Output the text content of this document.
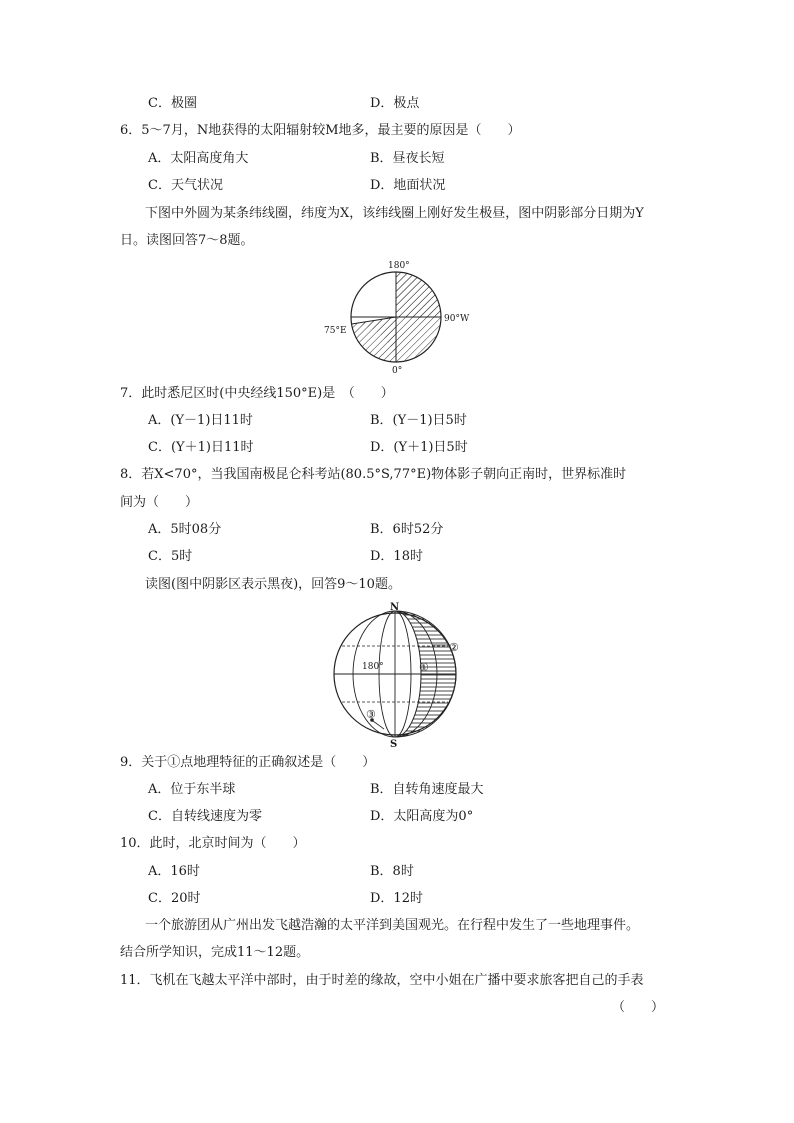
C．极圈	D．极点
6．5～7月，N地获得的太阳辐射较M地多，最主要的原因是（　　）
A．太阳高度角大	B．昼夜长短
C．天气状况	D．地面状况
下图中外圆为某条纬线圈，纬度为X，该纬线圈上刚好发生极昼，图中阴影部分日期为Y
日。读图回答7～8题。
180°
90°W
75°E
0°
7．此时悉尼区时(中央经线150°E)是　（　　）
A．(Y－1)日11时	B．(Y－1)日5时
C．(Y＋1)日11时	D．(Y＋1)日5时
8．若X<70°，当我国南极昆仑科考站(80.5°S,77°E)物体影子朝向正南时，世界标准时
间为（　　）
A．5时08分	B．6时52分
C．5时	D．18时
读图(图中阴影区表示黑夜)，回答9～10题。
N
S
180°	①
②
③
9．关于①点地理特征的正确叙述是（　　）
A．位于东半球	B．自转角速度最大
C．自转线速度为零	D．太阳高度为0°
10．此时，北京时间为（　　）
A．16时	B．8时
C．20时	D．12时
一个旅游团从广州出发飞越浩瀚的太平洋到美国观光。在行程中发生了一些地理事件。
结合所学知识，完成11～12题。
11．飞机在飞越太平洋中部时，由于时差的缘故，空中小姐在广播中要求旅客把自己的手表
（　　）
